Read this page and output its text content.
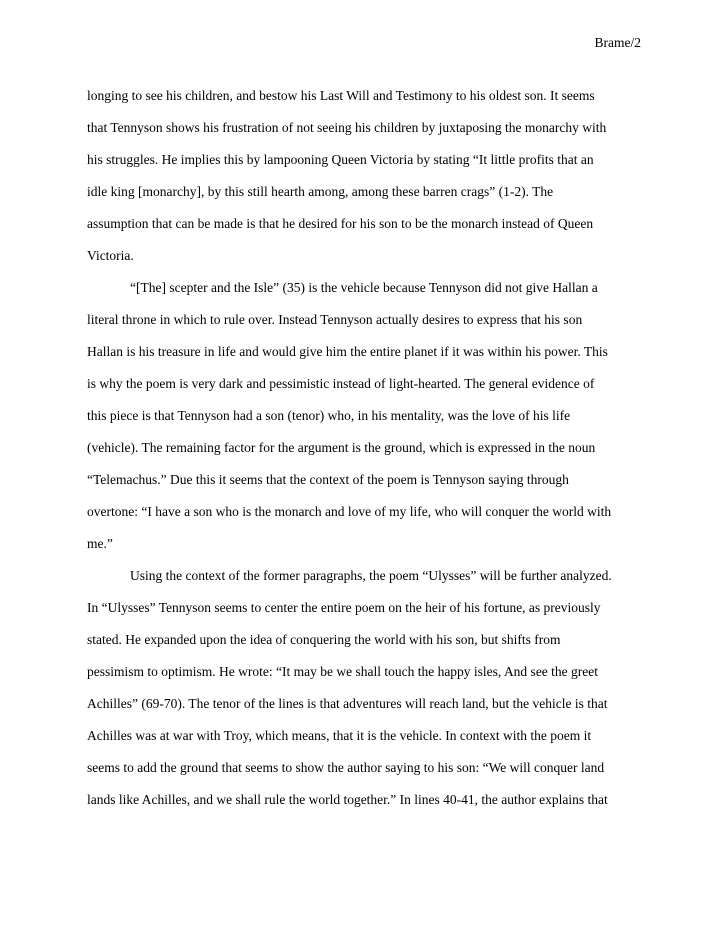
Brame/2
longing to see his children, and bestow his Last Will and Testimony to his oldest son. It seems
that Tennyson shows his frustration of not seeing his children by juxtaposing the monarchy with
his struggles. He implies this by lampooning Queen Victoria by stating “It little profits that an
idle king [monarchy], by this still hearth among, among these barren crags” (1-2). The
assumption that can be made is that he desired for his son to be the monarch instead of Queen
Victoria.
“[The] scepter and the Isle” (35) is the vehicle because Tennyson did not give Hallan a
literal throne in which to rule over. Instead Tennyson actually desires to express that his son
Hallan is his treasure in life and would give him the entire planet if it was within his power. This
is why the poem is very dark and pessimistic instead of light-hearted. The general evidence of
this piece is that Tennyson had a son (tenor) who, in his mentality, was the love of his life
(vehicle). The remaining factor for the argument is the ground, which is expressed in the noun
“Telemachus.” Due this it seems that the context of the poem is Tennyson saying through
overtone: “I have a son who is the monarch and love of my life, who will conquer the world with
me.”
Using the context of the former paragraphs, the poem “Ulysses” will be further analyzed.
In “Ulysses” Tennyson seems to center the entire poem on the heir of his fortune, as previously
stated. He expanded upon the idea of conquering the world with his son, but shifts from
pessimism to optimism. He wrote: “It may be we shall touch the happy isles, And see the greet
Achilles” (69-70). The tenor of the lines is that adventures will reach land, but the vehicle is that
Achilles was at war with Troy, which means, that it is the vehicle. In context with the poem it
seems to add the ground that seems to show the author saying to his son: “We will conquer land
lands like Achilles, and we shall rule the world together.” In lines 40-41, the author explains that
